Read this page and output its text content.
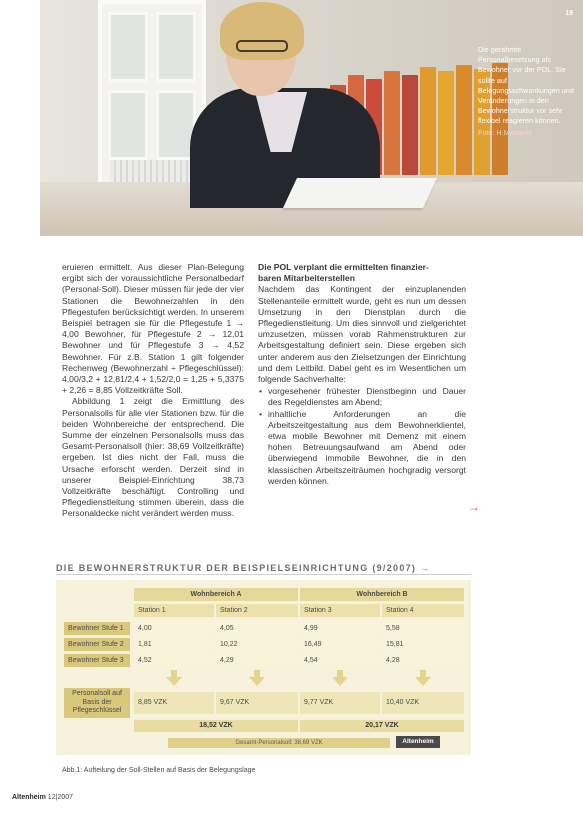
19
Die gerahmte Personalbesetzung als Bewohner vor der POL. Sie sollte auf Belegungsschwankungen und Veränderungen in den Bewohnerstruktur vor sehr flexibel reagieren können.
Foto: H.Mangold

eruieren ermittelt. Aus dieser Plan-Belegung ergibt sich der voraussichtliche Personalbedarf (Personal-Soll). Dieser müssen für jede der vier Stationen die Bewohnerzahlen in den Pflegestufen berücksichtigt werden. In unserem Beispiel betragen sie für die Pflegestufe 1 → 4,00 Bewohner, für Pflegestufe 2 → 12,01 Bewohner und für Pflegestufe 3 → 4,52 Bewohner. Für z.B. Station 1 gilt folgender Rechenweg (Bewohnerzahl ÷ Pflegeschlüssel): 4,00/3,2 + 12,81/2,4 + 1,52/2,0 = 1,25 + 5,3375 + 2,26 = 8,85 Vollzeitkräfte Soll.

Abbildung 1 zeigt die Ermittlung des Personalsolls für alle vier Stationen bzw. für die beiden Wohnbereiche der entsprechend. Die Summe der einzelnen Personalsolls muss das Gesamt-Personalsoll (hier: 38,69 Vollzeitkräfte) ergeben. Ist dies nicht der Fall, muss die Ursache erforscht werden. Derzeit sind in unserer Beispiel-Einrichtung 38,73 Vollzeitkräfte beschäftigt. Controlling und Pflegedienstleitung stimmen überein, dass die Personaldecke nicht verändert werden muss.

Die POL verplant die ermittelten finanzier-
baren Mitarbeiterstellen

Nachdem das Kontingent der einzuplanenden Stellenanteile ermittelt wurde, geht es nun um dessen Umsetzung in den Dienstplan durch die Pflegedienstleitung. Um dies sinnvoll und zielgerichtet umzusetzen, müssen vorab Rahmenstrukturen zur Arbeitsgestaltung definiert sein. Diese ergeben sich unter anderem aus den Zielsetzungen der Einrichtung und dem Leitbild. Dabei geht es im Wesentlichen um folgende Sachverhalte:

• vorgesehener frühester Dienstbeginn und Dauer des Regeldienstes am Abend;
• inhaltliche Anforderungen an die Arbeitszeitgestaltung aus dem Bewohnerklientel, etwa mobile Bewohner mit Demenz mit einem hohen Betreuungsaufwand am Abend oder überwiegend immobile Bewohner, die in den klassischen Arbeitszeiträumen hochgradig versorgt werden können.
→
DIE BEWOHNERSTRUKTUR DER BEISPIELSEINRICHTUNG (9/2007) →
Wohnbereich A	Wohnbereich B
Station 1	Station 2	Station 3	Station 4
Bewohner Stufe 1	4,00	4,05	4,99	5,58
Bewohner Stufe 2	1,81	10,22	16,49	15,81
Bewohner Stufe 3	4,52	4,29	4,54	4,28
Personalsoll auf Basis der Pflegeschlüssel
8,85 VZK	9,67 VZK	9,77 VZK	10,40 VZK
18,52 VZK	20,17 VZK
Gesamt-Personalsoll: 38,69 VZK	Altenheim
Abb.1: Aufteilung der Soll-Stellen auf Basis der Belegungslage
Altenheim 12|2007
